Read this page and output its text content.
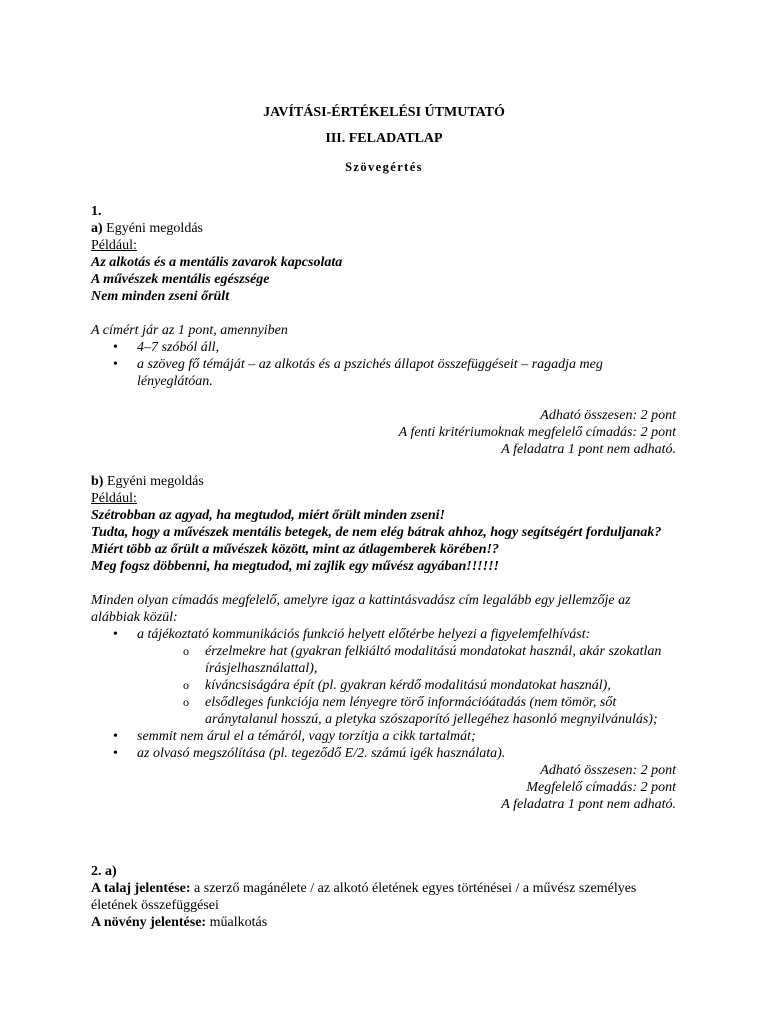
JAVÍTÁSI-ÉRTÉKELÉSI ÚTMUTATÓ
III. FELADATLAP
Szövegértés

1.

a) Egyéni megoldás

Például:

Az alkotás és a mentális zavarok kapcsolata

A művészek mentális egészsége

Nem minden zseni őrült

A címért jár az 1 pont, amennyiben

• 4–7 szóból áll,
• a szöveg fő témáját – az alkotás és a pszichés állapot összefüggéseit – ragadja meg lényeglátóan.

Adható összesen: 2 pont

A fenti kritériumoknak megfelelő címadás: 2 pont

A feladatra 1 pont nem adható.

b) Egyéni megoldás

Például:

Szétrobban az agyad, ha megtudod, miért őrült minden zseni!

Tudta, hogy a művészek mentális betegek, de nem elég bátrak ahhoz, hogy segítségért forduljanak?

Miért több az őrült a művészek között, mint az átlagemberek körében!?

Meg fogsz döbbenni, ha megtudod, mi zajlik egy művész agyában!!!!!!

Minden olyan címadás megfelelő, amelyre igaz a kattintásvadász cím legalább egy jellemzője az alábbiak közül:

• a tájékoztató kommunikációs funkció helyett előtérbe helyezi a figyelemfelhívást:
o érzelmekre hat (gyakran felkiáltó modalitású mondatokat használ, akár szokatlan írásjelhasználattal),
o kíváncsiságára épít (pl. gyakran kérdő modalitású mondatokat használ),
o elsődleges funkciója nem lényegre törő információátadás (nem tömör, sőt aránytalanul hosszú, a pletyka szószaporító jellegéhez hasonló megnyilvánulás);
• semmit nem árul el a témáról, vagy torzítja a cikk tartalmát;
• az olvasó megszólítása (pl. tegeződő E/2. számú igék használata).

Adható összesen: 2 pont

Megfelelő címadás: 2 pont

A feladatra 1 pont nem adható.

2. a)

A talaj jelentése: a szerző magánélete / az alkotó életének egyes történései / a művész személyes életének összefüggései

A növény jelentése: műalkotás
